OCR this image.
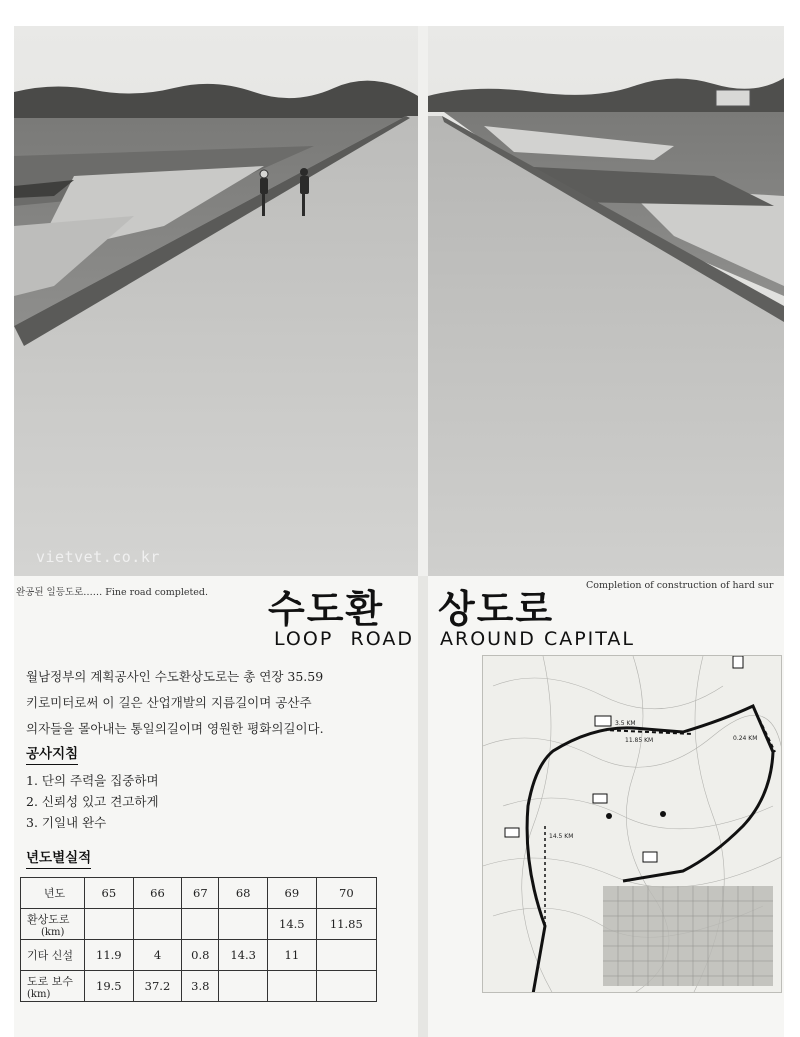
vietvet.co.kr
완공된 일등도로…… Fine road completed.
Completion of construction of hard sur
수도환 상도로
LOOP ROAD AROUND CAPITAL

월남정부의 계획공사인 수도환상도로는 총 연장 35.59

키로미터로써 이 길은 산업개발의 지름길이며 공산주

의자들을 몰아내는 통일의길이며 영원한 평화의길이다.

공사지침
1. 단의 주력을 집중하며
2. 신뢰성 있고 견고하게
3. 기일내 완수
년도별실적
년도	65	66	67	68	69	70
환상도로
(km)					14.5	11.85
기타 신설	11.9	4	0.8	14.3	11	
도로 보수
(km)	19.5	37.2	3.8			
3.5 KM
11.85 KM	0.24 KM
14.5 KM
